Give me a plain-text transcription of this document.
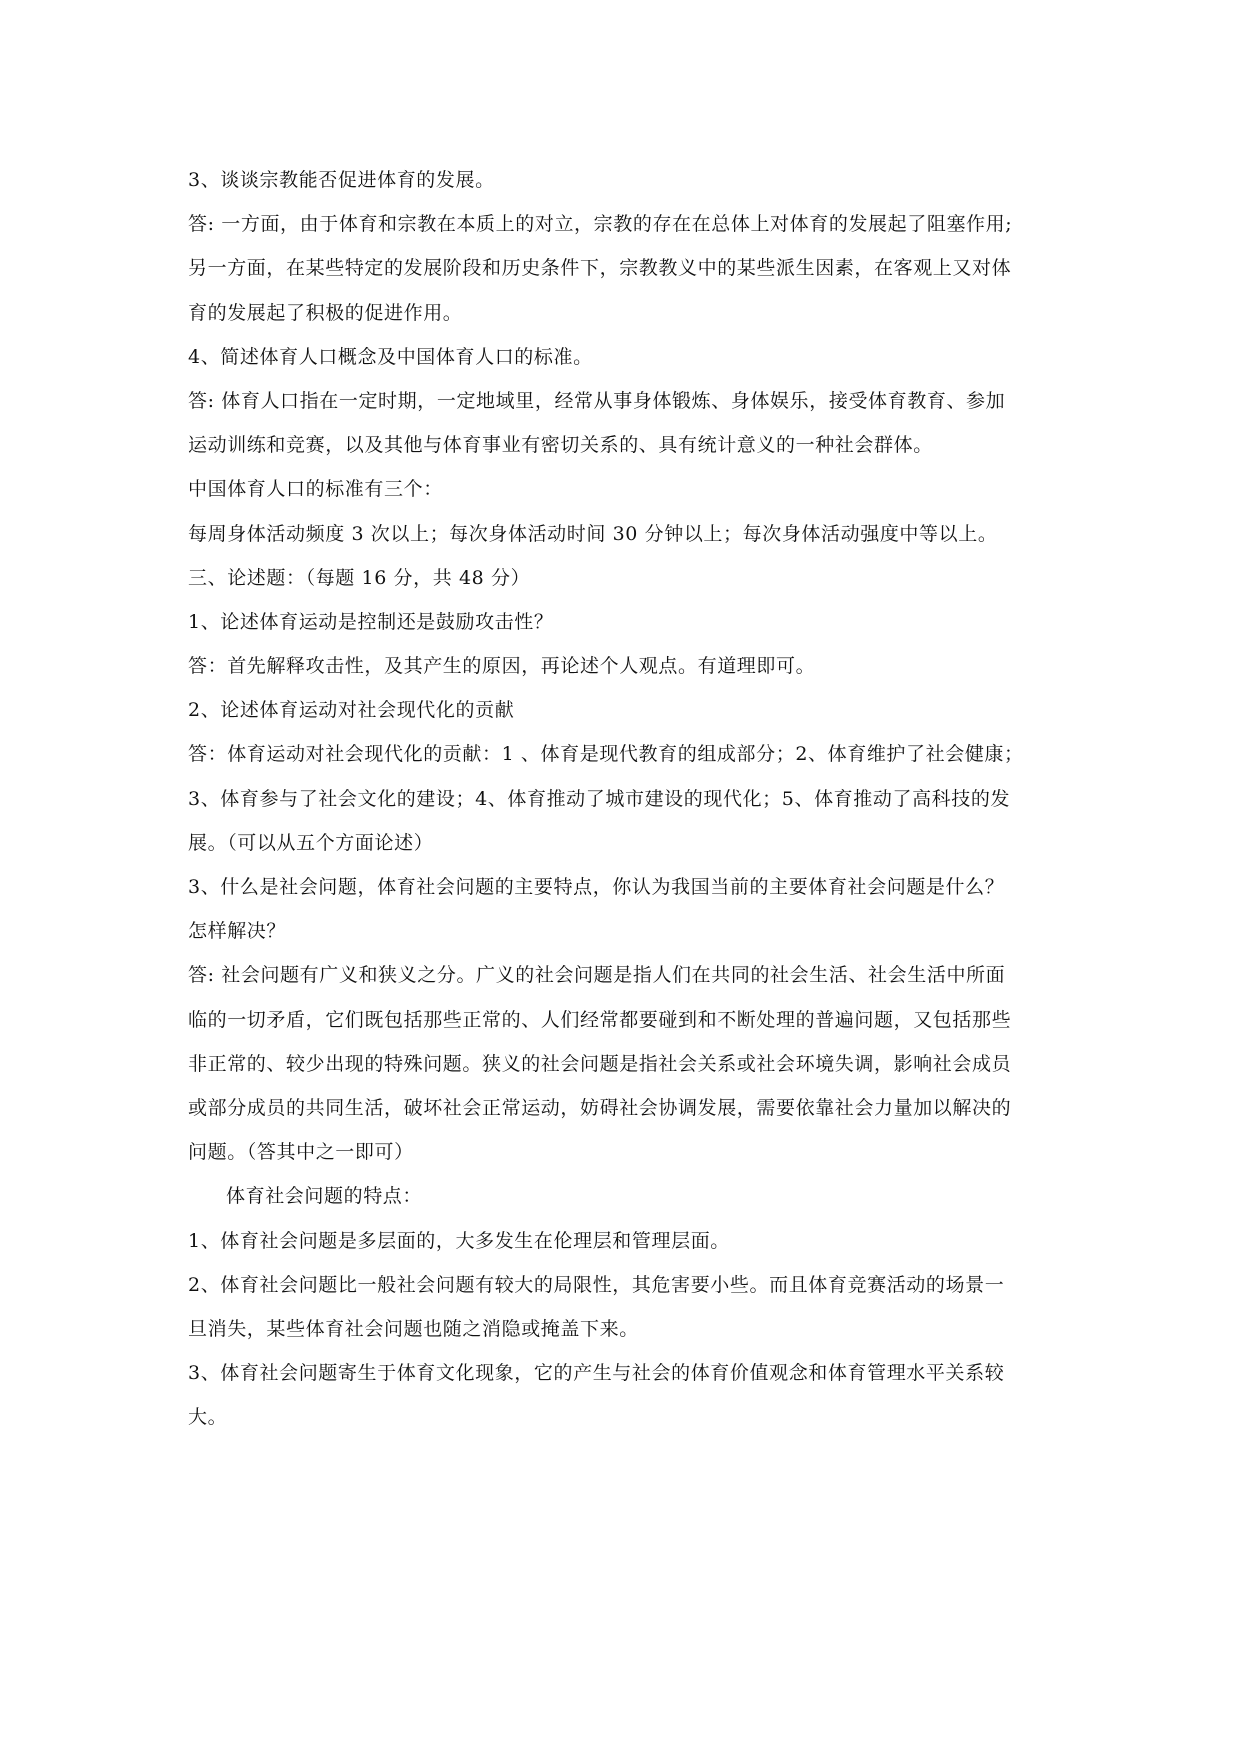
3、谈谈宗教能否促进体育的发展。
答: 一方面，由于体育和宗教在本质上的对立，宗教的存在在总体上对体育的发展起了阻塞作用;
另一方面，在某些特定的发展阶段和历史条件下，宗教教义中的某些派生因素，在客观上又对体
育的发展起了积极的促进作用。
4、简述体育人口概念及中国体育人口的标准。
答: 体育人口指在一定时期，一定地域里，经常从事身体锻炼、身体娱乐，接受体育教育、参加
运动训练和竞赛，以及其他与体育事业有密切关系的、具有统计意义的一种社会群体。
中国体育人口的标准有三个：
每周身体活动频度 3 次以上；每次身体活动时间 30 分钟以上；每次身体活动强度中等以上。
三、论述题：（每题 16 分，共 48 分）
1、论述体育运动是控制还是鼓励攻击性？
答：首先解释攻击性，及其产生的原因，再论述个人观点。有道理即可。
2、论述体育运动对社会现代化的贡献
答：体育运动对社会现代化的贡献：1 、体育是现代教育的组成部分；2、体育维护了社会健康；
3、体育参与了社会文化的建设；4、体育推动了城市建设的现代化；5、体育推动了高科技的发
展。（可以从五个方面论述）
3、什么是社会问题，体育社会问题的主要特点，你认为我国当前的主要体育社会问题是什么？
怎样解决？
答: 社会问题有广义和狭义之分。广义的社会问题是指人们在共同的社会生活、社会生活中所面
临的一切矛盾，它们既包括那些正常的、人们经常都要碰到和不断处理的普遍问题，又包括那些
非正常的、较少出现的特殊问题。狭义的社会问题是指社会关系或社会环境失调，影响社会成员
或部分成员的共同生活，破坏社会正常运动，妨碍社会协调发展，需要依靠社会力量加以解决的
问题。（答其中之一即可）
体育社会问题的特点：
1、体育社会问题是多层面的，大多发生在伦理层和管理层面。
2、体育社会问题比一般社会问题有较大的局限性，其危害要小些。而且体育竞赛活动的场景一
旦消失，某些体育社会问题也随之消隐或掩盖下来。
3、体育社会问题寄生于体育文化现象，它的产生与社会的体育价值观念和体育管理水平关系较
大。
